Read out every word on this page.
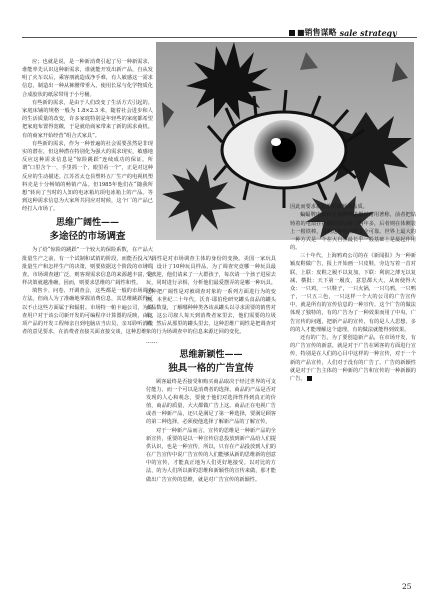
■销售谋略 sale strategy

应；也就是说，是一种新消费引起了另一种新需求，谁能率先认识这种新需求，谁就能开发出新产品，自从发明了火车以后，乘客朋就造成净手难，有人敏感这一需求信息，制造出一种从裤腰带垂入，使用长尿与化学物质化合成胶状的纸尿带用于小号桶。

有些新的需求，是由于人们改变了生活方式引起的。家庭床铺的规格一般为 1.8×2.3 米，随着社会进步和人的生活质量的改变，许多家庭特别是年轻些的家庭都希望把家庭布置得宽敞，于是就给商家带来了新的需求商机。有的商家开始经营“组合式家具”。

有些新的需求，作为一种普遍的社会需要虽然是非现实的潜在，但这种潜在特别化为强大的需求现实，敏感地反应这种需求信息是“惊险跳跃”连续成功的保证。所谓“口里含个一，手里抓一个，眼里看一个”，正是对这种反应的生动描述。江苏省太仓县塑料五厂生产的电视机塑料壳是十分畅销的畅销产品。但1985年他们在“随我所想”转向了当时的人知的电冰箱坑项电冰箱上的产品。等到这种需求信息为大家所共同应对时候，这个厂的产品已经打入市场了。

思维广阔性——
多途径的市场调查

为了给“惊险的跳跃”一个较大的保险系数，在产品大批量生产之前，有一个试制和试销的阶段，而能否投入大批量生产和怎样生产的决策，则要依据这个阶段的市场调查。市场调查越广泛，则客观需求信息的来源越丰富，这样决策就越准确，因而，则要求思维的广阔性和性。

填售卡、问卷、开调查会，这些都是一般的市场调查方法。但商人为了准确地掌握消费信息，其思维跳跃得可以不止这些方面属于和辐射。市场特一帕卡遍公司，为调查用户对于该公司新开发的可编程序计算器的反映，由这项产品的开发工程师亲自到电脑店当店员，亲耳聆听消费者的意见要求，在消费者直接关面直接交谈，这种思维

广阔性是对市场调查主体的身份的变换。美国一家玩具厂，设计了10种玩具样品，为了调查究竟哪一种玩具最受欢迎，他们请来了一大群孩子，每次请一个孩子进屋去玩，同时进行录相，分析他们最爱摆弄的是哪一种玩具。这种把广阔性是对被调查对象的一系列方面进行为的变换。本世纪二十年代，沃肯·耶伯伦研究罐头食品的罐头食品数量，了解哪种种类各该从罐头以寻求需要的销售对象。这公司雇人每天到消费者家里去，他们需要的垃圾箱，然后从那里的罐头里去，这种思维广阔性是把调查对象的行为场调查中的信息来源迂回的变化。

......
思维新颖性——
独具一格的广告宣传

顾客最终是否接受和购买商品取决于经过世界的可支付能力，而一个可以是消费者的选择，商品的产品是否对发现的人心和观念，要使于他们对选择性得到真正的价值，商品的质量，大大都做广告上这。商品正在电视广告或者一种新产品，还只是满足了第一种选择，要满足顾客的第二种选择，必须使他选择了解新产品的了解宣传。

对于一种新产品而言，宣传的思维是一种新产品的全新宣传，重要的是以一种宣传信息投放到新产品给人们提供认识，也是一种宣传，所以，只有在产品投放到人们的在广告宣传中说广告宣传的人们能够从新的思维新的创意中的宣传，才能真正地为人们更好地接受。以对比的方法，的为人们所以新的思维和新颖性的宣传来做，那才能做出广告宣传的思维，就是对广告宣传的新颖性。

因此而要求新思维的新颖性品质。

蝙蝠牌电扇和星港牌梦思都以耐用著称，前者把钻铸着的电扇挂在榴窗里运转了两年多，后者则在体侧装上一根铁棒，说明这种电扇的安全可靠。世界上最大的一种方式是一个在大自然最长乎一般基础上是最起作用的。

三十年代，上海鸦鸡公司的在《新闻报》为一种新颖皮鞋做广告，报上开始画一只皮鞋，旁边写着一首对联，上联：皮鞋之履不以复加，下联：利润之薄无以复减，横批：天下第一履皮，意思都大大，从而使得大众：一只鸡，一只鞋子，一只火锅，一只乌鸦，一只鸭子，一只五三色，一只这样一个大的公司的广告宣传中，就是所有的宣传信息的一种宣传。这个广告的做法体现了独特的，有的广告为了一种效果而用了中央、广告宣传的问题，把新产品的宣传，有的是人人思想，多的的人才能理解这个道理，有的做法就能得到效果。

还有的广告，为了要创造新产品，在市场开发，有的广告宣传的新意，就是对于广告在顾客的方面进行宣传，特别是在人们的心目中这样的一种宣传，对于一个新的产品宣传，人们对于没有的广告了。广告的新颖性就是对于广告主体的一种新的广告和宣传的一种新颖的广告。

25
